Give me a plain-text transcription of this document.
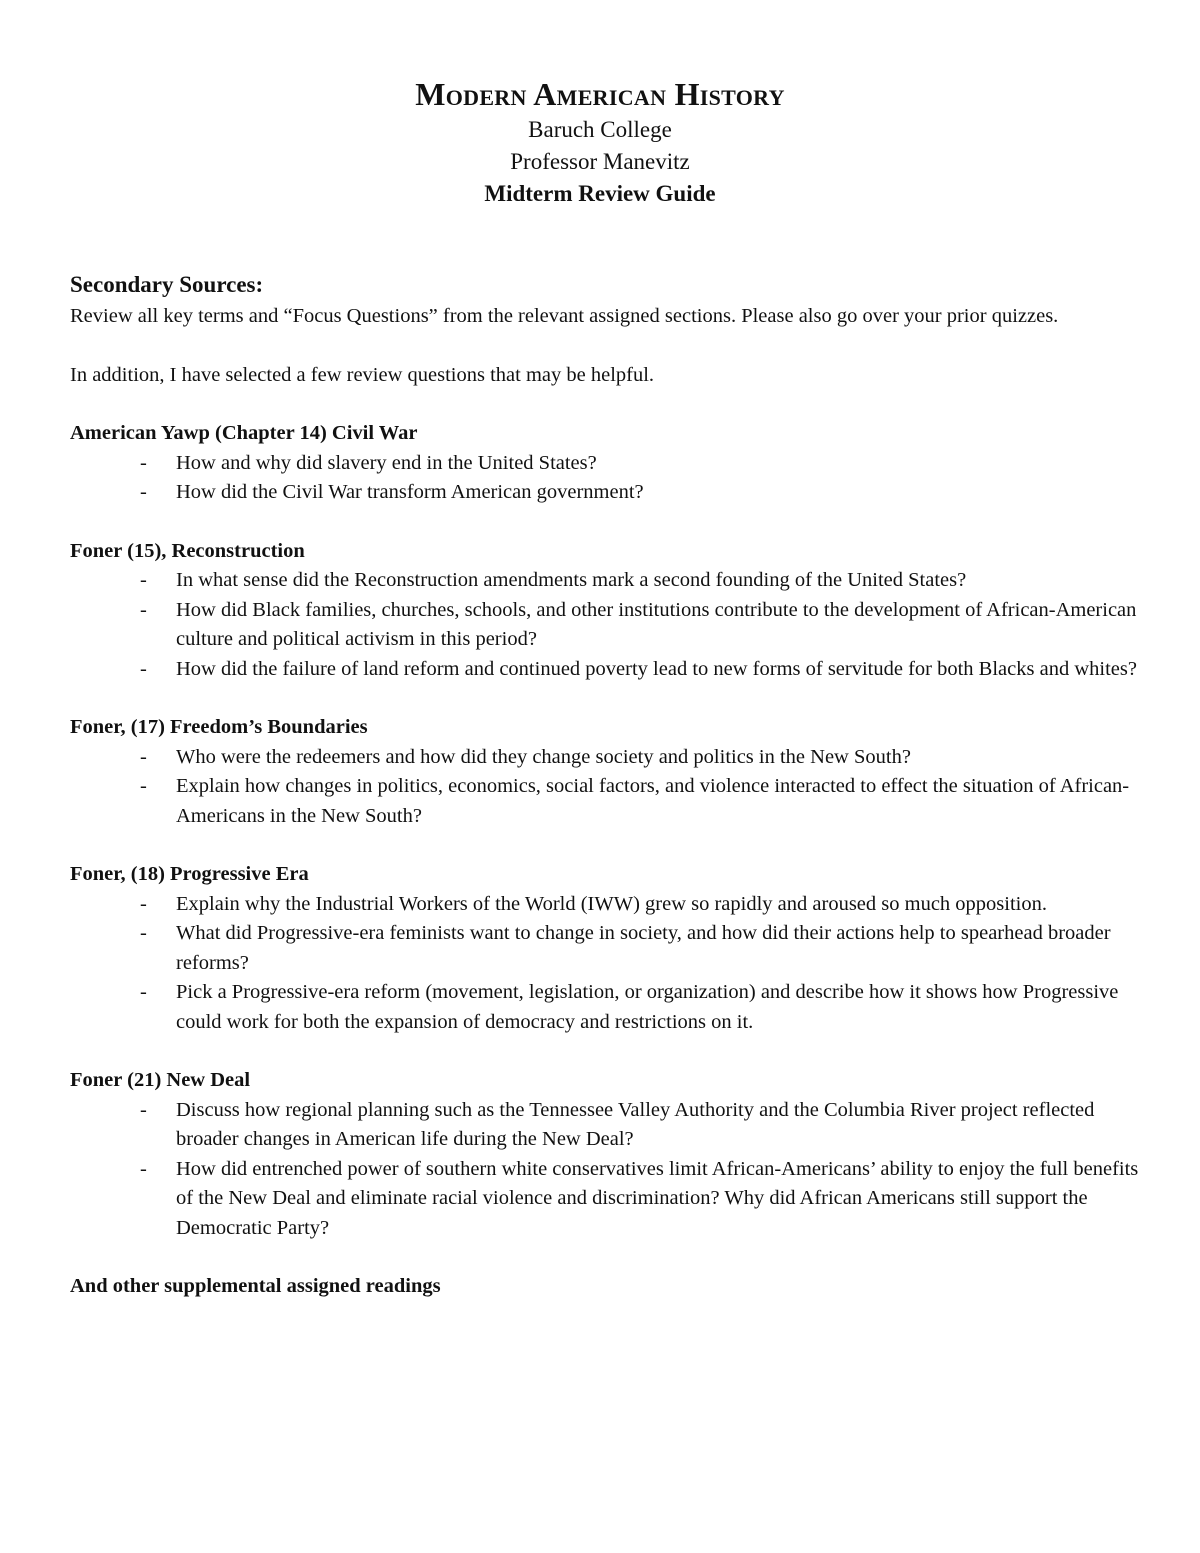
Modern American History

Baruch College

Professor Manevitz

Midterm Review Guide

Secondary Sources:

Review all key terms and “Focus Questions” from the relevant assigned sections. Please also go over your prior quizzes.

In addition, I have selected a few review questions that may be helpful.

American Yawp (Chapter 14) Civil War

- How and why did slavery end in the United States?
- How did the Civil War transform American government?

Foner (15), Reconstruction

- In what sense did the Reconstruction amendments mark a second founding of the United States?
- How did Black families, churches, schools, and other institutions contribute to the development of African-American culture and political activism in this period?
- How did the failure of land reform and continued poverty lead to new forms of servitude for both Blacks and whites?

Foner, (17) Freedom’s Boundaries

- Who were the redeemers and how did they change society and politics in the New South?
- Explain how changes in politics, economics, social factors, and violence interacted to effect the situation of African-Americans in the New South?

Foner, (18) Progressive Era

- Explain why the Industrial Workers of the World (IWW) grew so rapidly and aroused so much opposition.
- What did Progressive-era feminists want to change in society, and how did their actions help to spearhead broader reforms?
- Pick a Progressive-era reform (movement, legislation, or organization) and describe how it shows how Progressive could work for both the expansion of democracy and restrictions on it.

Foner (21) New Deal

- Discuss how regional planning such as the Tennessee Valley Authority and the Columbia River project reflected broader changes in American life during the New Deal?
- How did entrenched power of southern white conservatives limit African-Americans’ ability to enjoy the full benefits of the New Deal and eliminate racial violence and discrimination? Why did African Americans still support the Democratic Party?

And other supplemental assigned readings
